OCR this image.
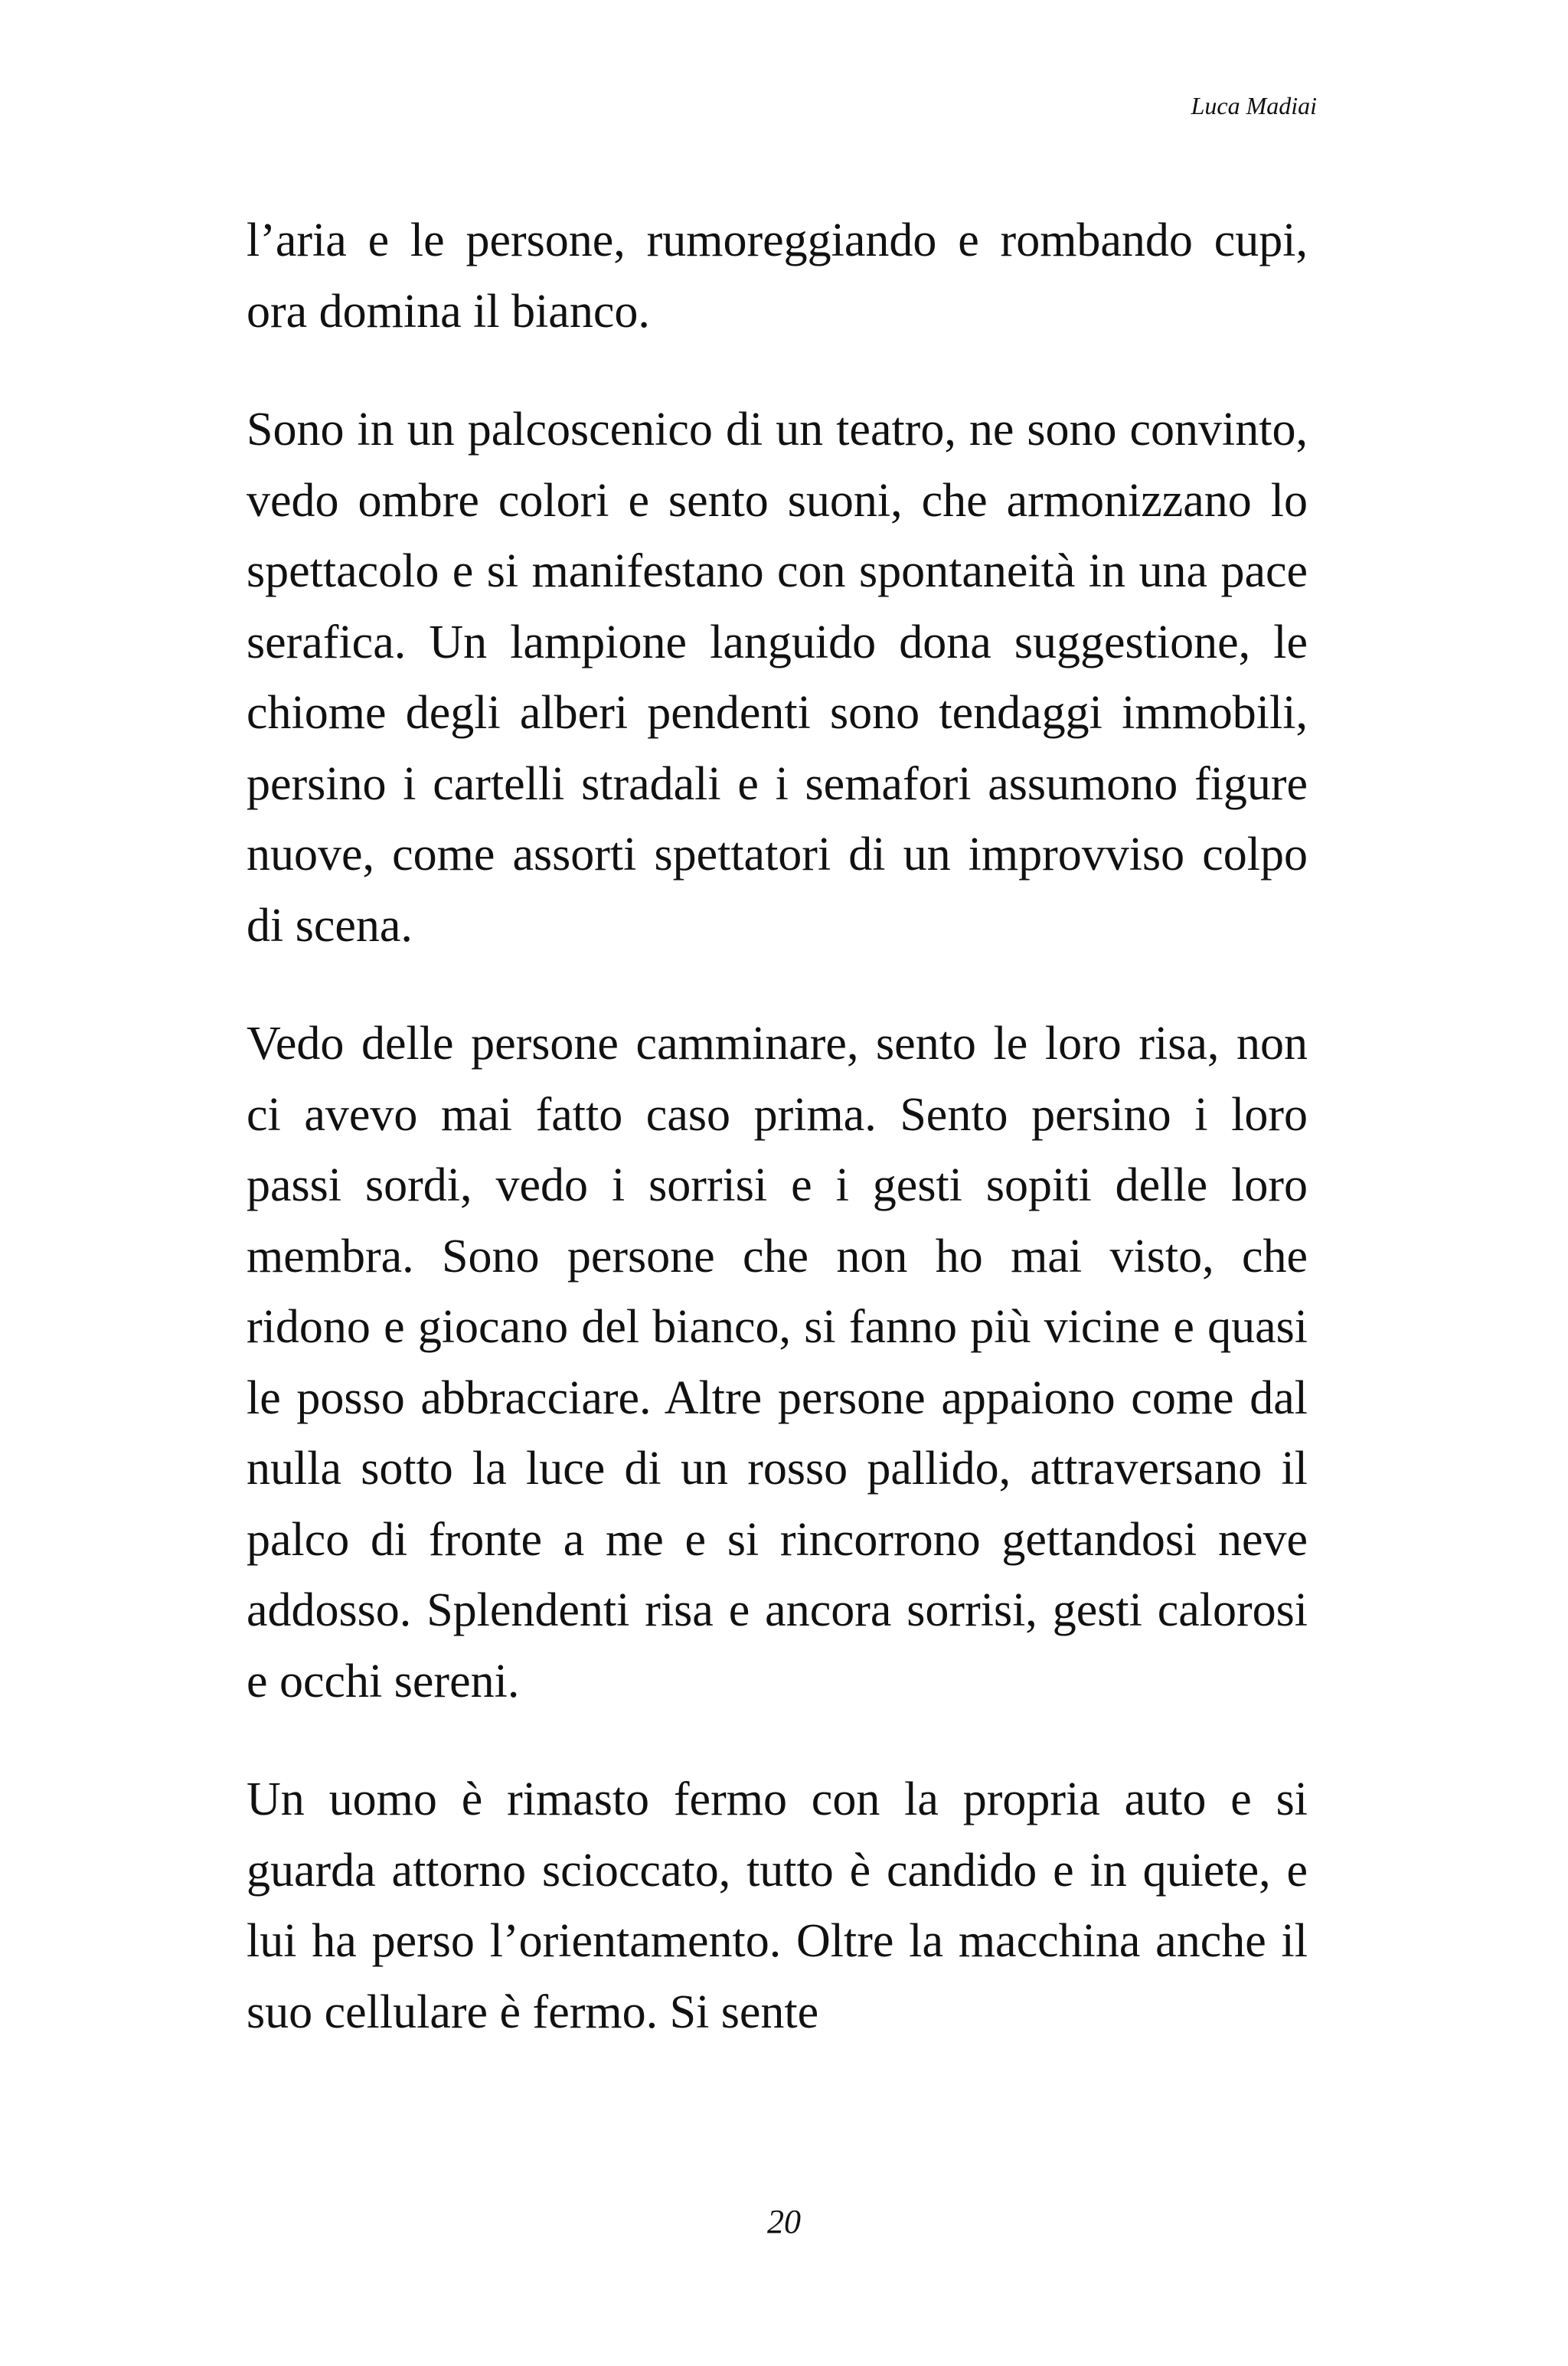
Luca Madiai

l’aria e le persone, rumoreggiando e rombando cupi, ora domina il bianco.

Sono in un palcoscenico di un teatro, ne sono convinto, vedo ombre colori e sento suoni, che armonizzano lo spettacolo e si manifestano con spontaneità in una pace serafica. Un lampione languido dona suggestione, le chiome degli alberi pendenti sono tendaggi immobili, persino i cartelli stradali e i semafori assumono figure nuove, come assorti spettatori di un improvviso colpo di scena.

Vedo delle persone camminare, sento le loro risa, non ci avevo mai fatto caso prima. Sento persino i loro passi sordi, vedo i sorrisi e i gesti sopiti delle loro membra. Sono persone che non ho mai visto, che ridono e giocano del bianco, si fanno più vicine e quasi le posso abbracciare. Altre persone appaiono come dal nulla sotto la luce di un rosso pallido, attraversano il palco di fronte a me e si rincorrono gettandosi neve addosso. Splendenti risa e ancora sorrisi, gesti calorosi e occhi sereni.

Un uomo è rimasto fermo con la propria auto e si guarda attorno scioccato, tutto è candido e in quiete, e lui ha perso l’orientamento. Oltre la macchina anche il suo cellulare è fermo. Si sente

20
